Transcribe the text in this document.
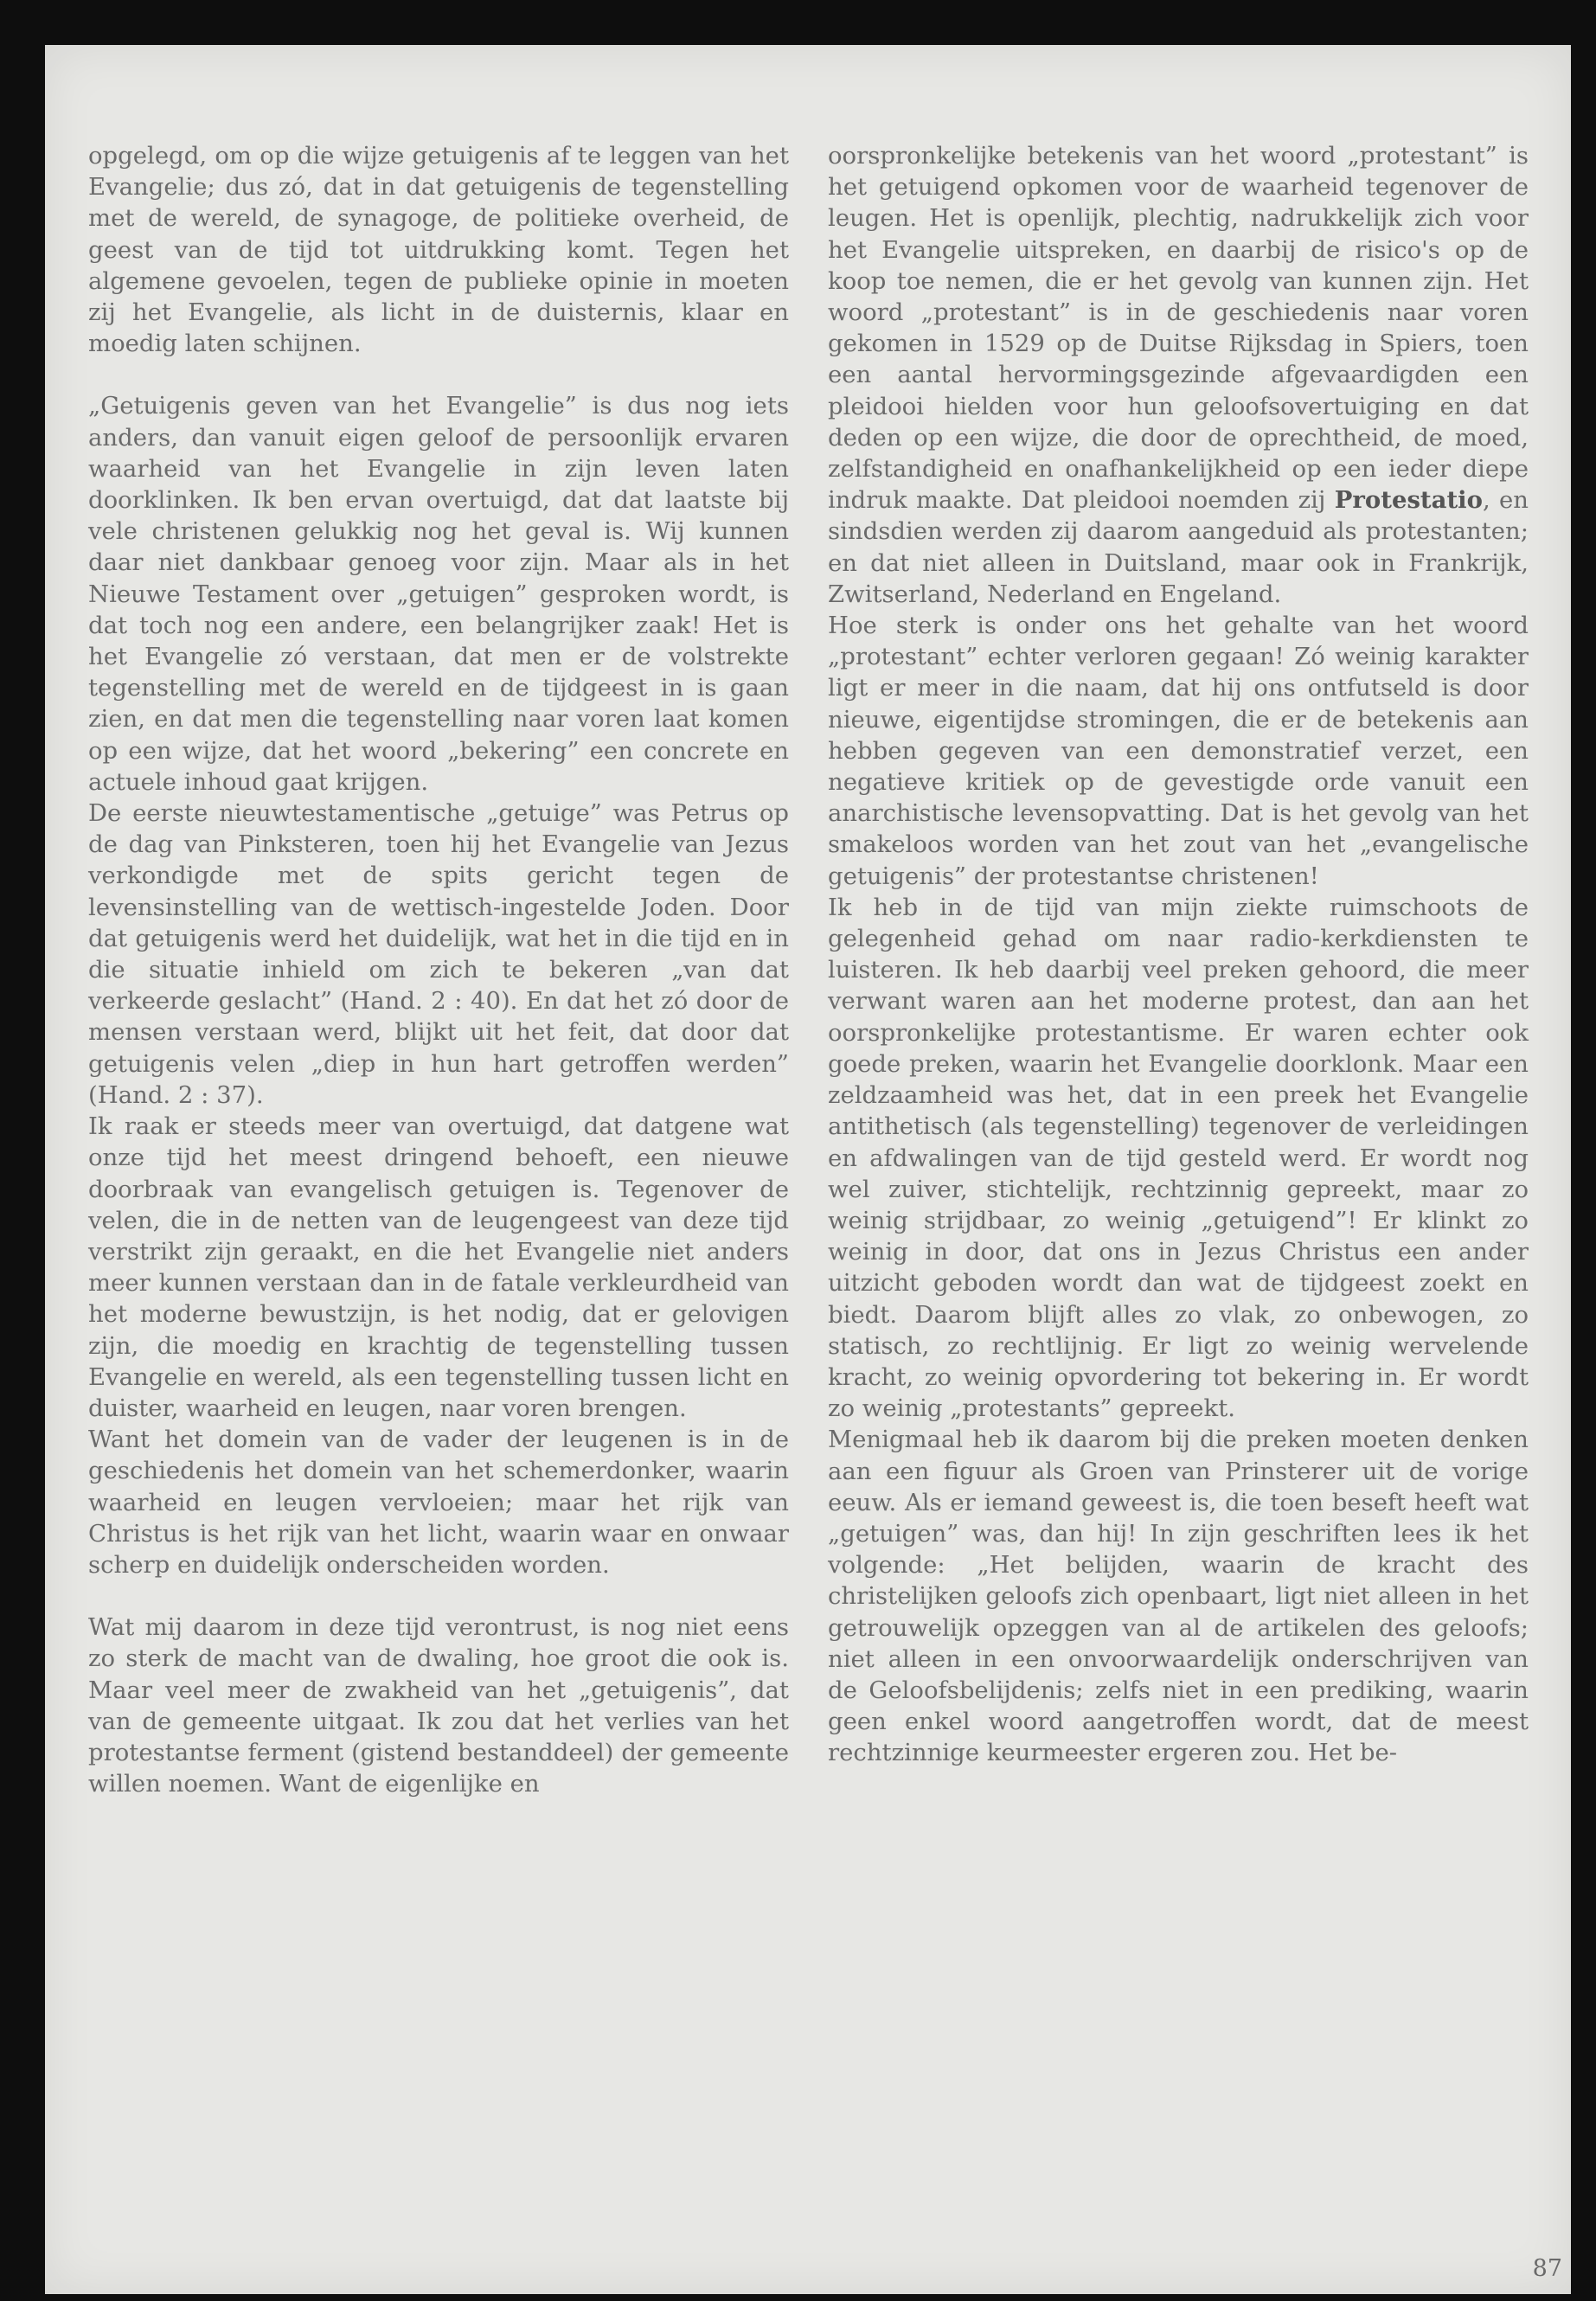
opgelegd, om op die wijze getuigenis af te leggen van het Evangelie; dus zó, dat in dat getuigenis de tegenstelling met de wereld, de synagoge, de politieke overheid, de geest van de tijd tot uitdrukking komt. Tegen het algemene gevoelen, tegen de publieke opinie in moeten zij het Evangelie, als licht in de duisternis, klaar en moedig laten schijnen.

„Getuigenis geven van het Evangelie” is dus nog iets anders, dan vanuit eigen geloof de persoonlijk ervaren waarheid van het Evangelie in zijn leven laten doorklinken. Ik ben ervan overtuigd, dat dat laatste bij vele christenen gelukkig nog het geval is. Wij kunnen daar niet dankbaar genoeg voor zijn. Maar als in het Nieuwe Testament over „getuigen” gesproken wordt, is dat toch nog een andere, een belangrijker zaak! Het is het Evangelie zó verstaan, dat men er de volstrekte tegenstelling met de wereld en de tijdgeest in is gaan zien, en dat men die tegenstelling naar voren laat komen op een wijze, dat het woord „bekering” een concrete en actuele inhoud gaat krijgen.

De eerste nieuwtestamentische „getuige” was Petrus op de dag van Pinksteren, toen hij het Evangelie van Jezus verkondigde met de spits gericht tegen de levensinstelling van de wettisch-ingestelde Joden. Door dat getuigenis werd het duidelijk, wat het in die tijd en in die situatie inhield om zich te bekeren „van dat verkeerde geslacht” (Hand. 2 : 40). En dat het zó door de mensen verstaan werd, blijkt uit het feit, dat door dat getuigenis velen „diep in hun hart getroffen werden” (Hand. 2 : 37).

Ik raak er steeds meer van overtuigd, dat datgene wat onze tijd het meest dringend behoeft, een nieuwe doorbraak van evangelisch getuigen is. Tegenover de velen, die in de netten van de leugengeest van deze tijd verstrikt zijn geraakt, en die het Evangelie niet anders meer kunnen verstaan dan in de fatale verkleurdheid van het moderne bewustzijn, is het nodig, dat er gelovigen zijn, die moedig en krachtig de tegenstelling tussen Evangelie en wereld, als een tegenstelling tussen licht en duister, waarheid en leugen, naar voren brengen.

Want het domein van de vader der leugenen is in de geschiedenis het domein van het schemerdonker, waarin waarheid en leugen vervloeien; maar het rijk van Christus is het rijk van het licht, waarin waar en onwaar scherp en duidelijk onderscheiden worden.

Wat mij daarom in deze tijd verontrust, is nog niet eens zo sterk de macht van de dwaling, hoe groot die ook is. Maar veel meer de zwakheid van het „getuigenis”, dat van de gemeente uitgaat. Ik zou dat het verlies van het protestantse ferment (gistend bestanddeel) der gemeente willen noemen. Want de eigenlijke en

oorspronkelijke betekenis van het woord „protestant” is het getuigend opkomen voor de waarheid tegenover de leugen. Het is openlijk, plechtig, nadrukkelijk zich voor het Evangelie uitspreken, en daarbij de risico's op de koop toe nemen, die er het gevolg van kunnen zijn. Het woord „protestant” is in de geschiedenis naar voren gekomen in 1529 op de Duitse Rijksdag in Spiers, toen een aantal hervormingsgezinde afgevaardigden een pleidooi hielden voor hun geloofsovertuiging en dat deden op een wijze, die door de oprechtheid, de moed, zelfstandigheid en onafhankelijkheid op een ieder diepe indruk maakte. Dat pleidooi noemden zij Protestatio, en sindsdien werden zij daarom aangeduid als protestanten; en dat niet alleen in Duitsland, maar ook in Frankrijk, Zwitserland, Nederland en Engeland.

Hoe sterk is onder ons het gehalte van het woord „protestant” echter verloren gegaan! Zó weinig karakter ligt er meer in die naam, dat hij ons ontfutseld is door nieuwe, eigentijdse stromingen, die er de betekenis aan hebben gegeven van een demonstratief verzet, een negatieve kritiek op de gevestigde orde vanuit een anarchistische levensopvatting. Dat is het gevolg van het smakeloos worden van het zout van het „evangelische getuigenis” der protestantse christenen!

Ik heb in de tijd van mijn ziekte ruimschoots de gelegenheid gehad om naar radio-kerkdiensten te luisteren. Ik heb daarbij veel preken gehoord, die meer verwant waren aan het moderne protest, dan aan het oorspronkelijke protestantisme. Er waren echter ook goede preken, waarin het Evangelie doorklonk. Maar een zeldzaamheid was het, dat in een preek het Evangelie antithetisch (als tegenstelling) tegenover de verleidingen en afdwalingen van de tijd gesteld werd. Er wordt nog wel zuiver, stichtelijk, rechtzinnig gepreekt, maar zo weinig strijdbaar, zo weinig „getuigend”! Er klinkt zo weinig in door, dat ons in Jezus Christus een ander uitzicht geboden wordt dan wat de tijdgeest zoekt en biedt. Daarom blijft alles zo vlak, zo onbewogen, zo statisch, zo rechtlijnig. Er ligt zo weinig wervelende kracht, zo weinig opvordering tot bekering in. Er wordt zo weinig „protestants” gepreekt.

Menigmaal heb ik daarom bij die preken moeten denken aan een figuur als Groen van Prinsterer uit de vorige eeuw. Als er iemand geweest is, die toen beseft heeft wat „getuigen” was, dan hij! In zijn geschriften lees ik het volgende: „Het belijden, waarin de kracht des christelijken geloofs zich openbaart, ligt niet alleen in het getrouwelijk opzeggen van al de artikelen des geloofs; niet alleen in een onvoorwaardelijk onderschrijven van de Geloofsbelijdenis; zelfs niet in een prediking, waarin geen enkel woord aangetroffen wordt, dat de meest rechtzinnige keurmeester ergeren zou. Het be-

87
